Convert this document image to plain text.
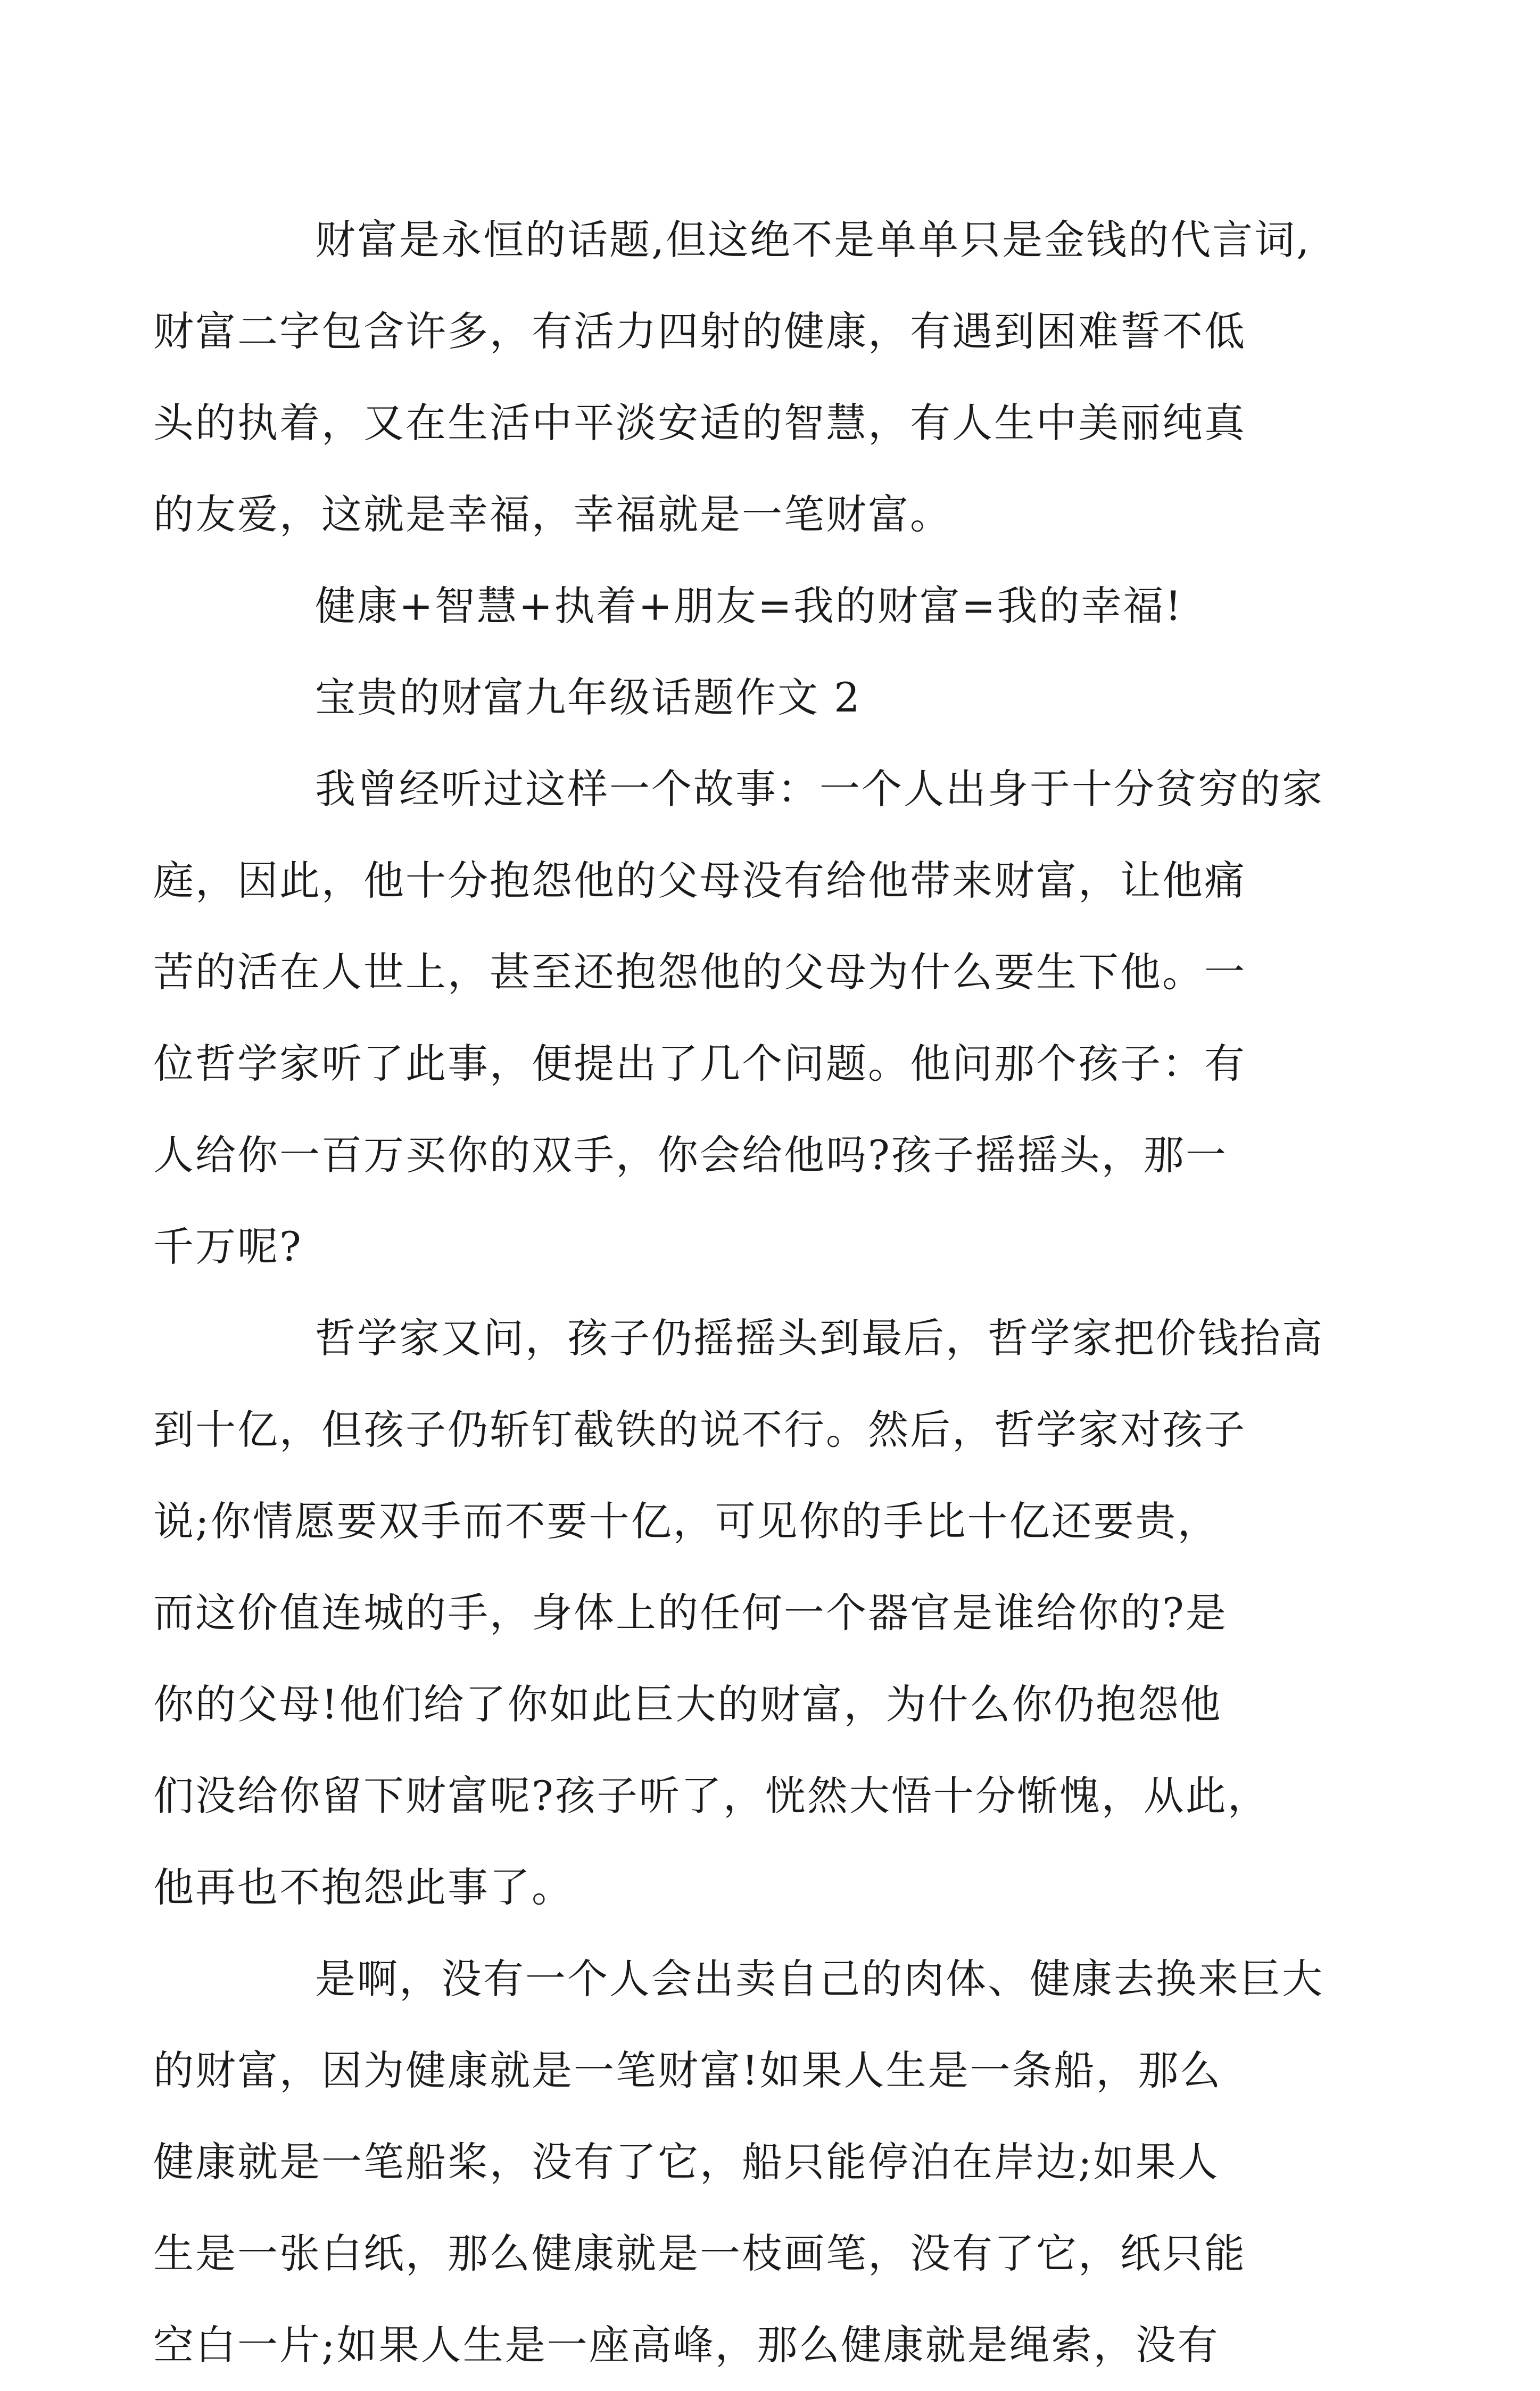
财富是永恒的话题,但这绝不是单单只是金钱的代言词,
财富二字包含许多，有活力四射的健康，有遇到困难誓不低
头的执着，又在生活中平淡安适的智慧，有人生中美丽纯真
的友爱，这就是幸福，幸福就是一笔财富。

健康+智慧+执着+朋友=我的财富=我的幸福!

宝贵的财富九年级话题作文 2

我曾经听过这样一个故事：一个人出身于十分贫穷的家
庭，因此，他十分抱怨他的父母没有给他带来财富，让他痛
苦的活在人世上，甚至还抱怨他的父母为什么要生下他。一
位哲学家听了此事，便提出了几个问题。他问那个孩子：有
人给你一百万买你的双手，你会给他吗?孩子摇摇头，那一
千万呢?

哲学家又问，孩子仍摇摇头到最后，哲学家把价钱抬高
到十亿，但孩子仍斩钉截铁的说不行。然后，哲学家对孩子
说;你情愿要双手而不要十亿，可见你的手比十亿还要贵，
而这价值连城的手，身体上的任何一个器官是谁给你的?是
你的父母!他们给了你如此巨大的财富，为什么你仍抱怨他
们没给你留下财富呢?孩子听了，恍然大悟十分惭愧，从此，
他再也不抱怨此事了。

是啊，没有一个人会出卖自己的肉体、健康去换来巨大
的财富，因为健康就是一笔财富!如果人生是一条船，那么
健康就是一笔船桨，没有了它，船只能停泊在岸边;如果人
生是一张白纸，那么健康就是一枝画笔，没有了它，纸只能
空白一片;如果人生是一座高峰，那么健康就是绳索，没有
